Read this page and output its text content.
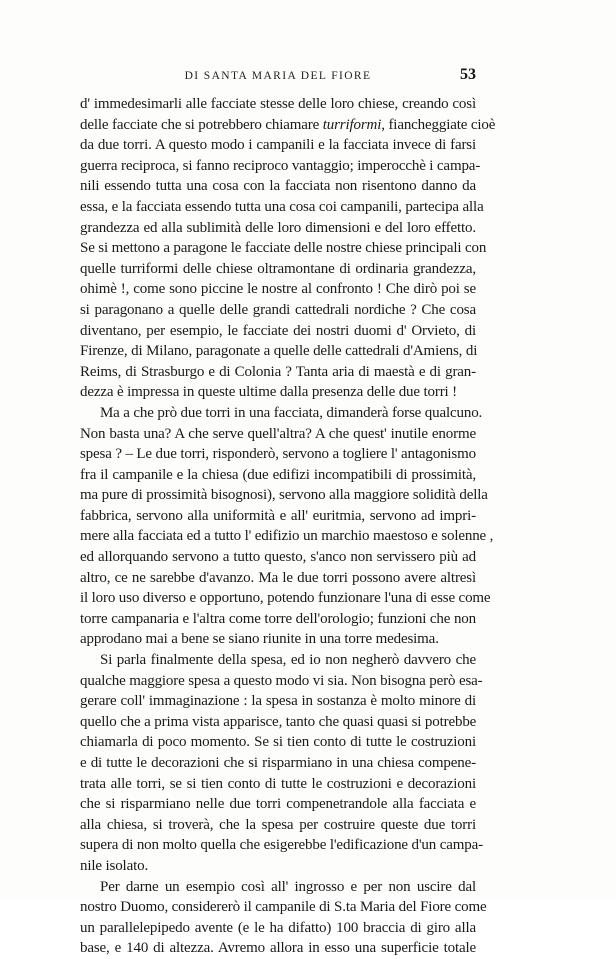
DI SANTA MARIA DEL FIORE	53
d' immedesimarli alle facciate stesse delle loro chiese, creando così
delle facciate che si potrebbero chiamare turriformi, fiancheggiate cioè
da due torri. A questo modo i campanili e la facciata invece di farsi
guerra reciproca, si fanno reciproco vantaggio; imperocchè i campa-
nili essendo tutta una cosa con la facciata non risentono danno da
essa, e la facciata essendo tutta una cosa coi campanili, partecipa alla
grandezza ed alla sublimità delle loro dimensioni e del loro effetto.
Se si mettono a paragone le facciate delle nostre chiese principali con
quelle turriformi delle chiese oltramontane di ordinaria grandezza,
ohimè !, come sono piccine le nostre al confronto ! Che dirò poi se
si paragonano a quelle delle grandi cattedrali nordiche ? Che cosa
diventano, per esempio, le facciate dei nostri duomi d' Orvieto, di
Firenze, di Milano, paragonate a quelle delle cattedrali d'Amiens, di
Reims, di Strasburgo e di Colonia ? Tanta aria di maestà e di gran-
dezza è impressa in queste ultime dalla presenza delle due torri !
Ma a che prò due torri in una facciata, dimanderà forse qualcuno.
Non basta una? A che serve quell'altra? A che quest' inutile enorme
spesa ? – Le due torri, risponderò, servono a togliere l' antagonismo
fra il campanile e la chiesa (due edifizi incompatibili di prossimità,
ma pure di prossimità bisognosi), servono alla maggiore solidità della
fabbrica, servono alla uniformità e all' euritmia, servono ad impri-
mere alla facciata ed a tutto l' edifizio un marchio maestoso e solenne ,
ed allorquando servono a tutto questo, s'anco non servissero più ad
altro, ce ne sarebbe d'avanzo. Ma le due torri possono avere altresì
il loro uso diverso e opportuno, potendo funzionare l'una di esse come
torre campanaria e l'altra come torre dell'orologio; funzioni che non
approdano mai a bene se siano riunite in una torre medesima.
Si parla finalmente della spesa, ed io non negherò davvero che
qualche maggiore spesa a questo modo vi sia. Non bisogna però esa-
gerare coll' immaginazione : la spesa in sostanza è molto minore di
quello che a prima vista apparisce, tanto che quasi quasi si potrebbe
chiamarla di poco momento. Se si tien conto di tutte le costruzioni
e di tutte le decorazioni che si risparmiano in una chiesa compene-
trata alle torri, se si tien conto di tutte le costruzioni e decorazioni
che si risparmiano nelle due torri compenetrandole alla facciata e
alla chiesa, si troverà, che la spesa per costruire queste due torri
supera di non molto quella che esigerebbe l'edificazione d'un campa-
nile isolato.
Per darne un esempio così all' ingrosso e per non uscire dal
nostro Duomo, considererò il campanile di S.ta Maria del Fiore come
un parallelepipedo avente (e le ha difatto) 100 braccia di giro alla
base, e 140 di altezza. Avremo allora in esso una superficie totale
